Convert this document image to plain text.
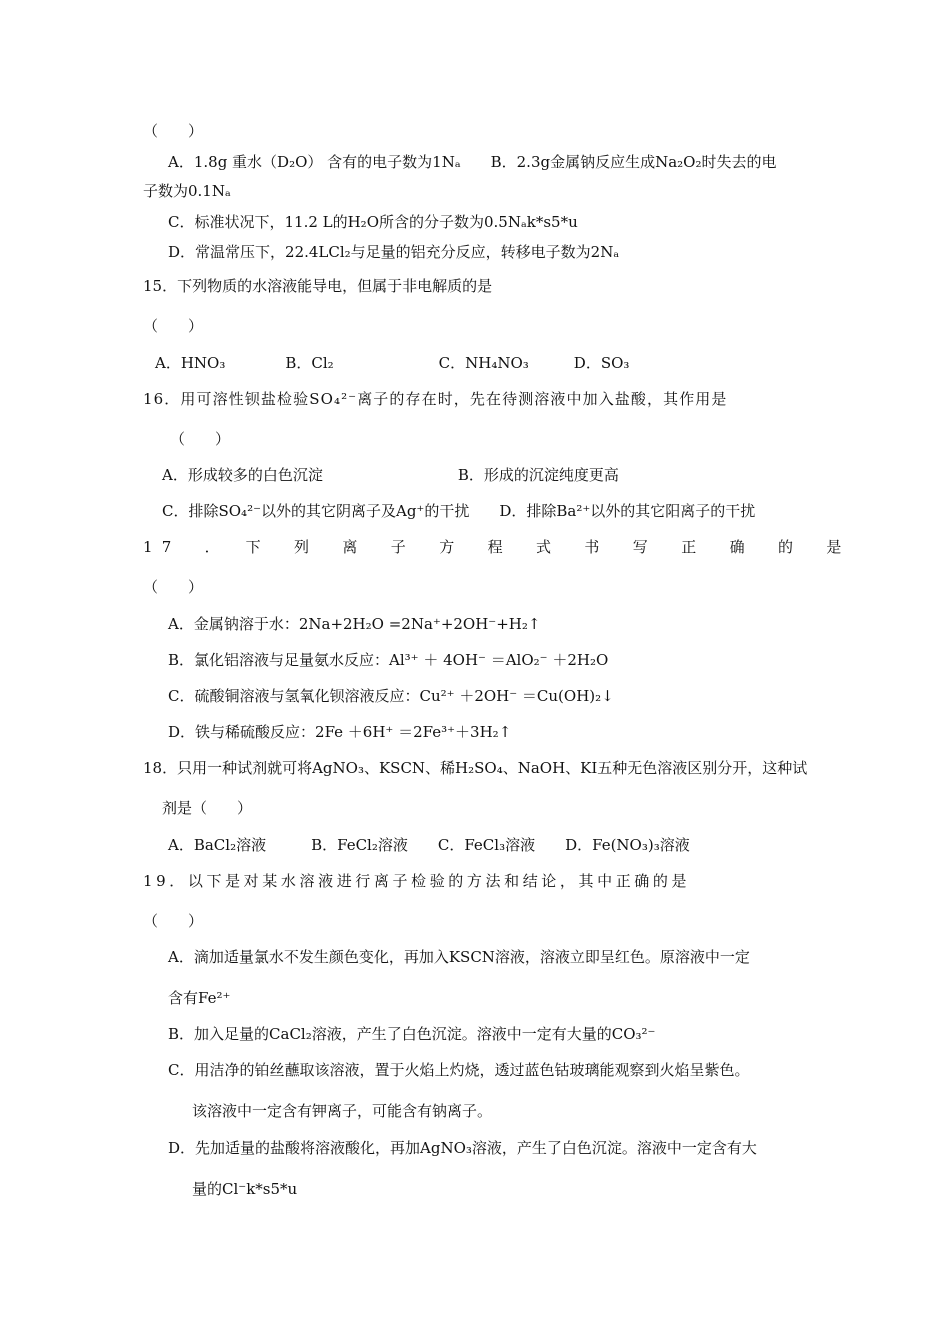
（　　）
A．1.8g 重水（D₂O） 含有的电子数为1Nₐ　　B．2.3g金属钠反应生成Na₂O₂时失去的电
子数为0.1Nₐ
C．标准状况下，11.2 L的H₂O所含的分子数为0.5Nₐk*s5*u
D．常温常压下，22.4LCl₂与足量的铝充分反应，转移电子数为2Nₐ
15．下列物质的水溶液能导电，但属于非电解质的是
（　　）
A．HNO₃　　　　B．Cl₂　　　　　　　C．NH₄NO₃　　　D．SO₃
16．用可溶性钡盐检验SO₄²⁻离子的存在时，先在待测溶液中加入盐酸，其作用是
（　　）
A．形成较多的白色沉淀　　　　　　　　　B．形成的沉淀纯度更高
C．排除SO₄²⁻以外的其它阴离子及Ag⁺的干扰　　D．排除Ba²⁺以外的其它阳离子的干扰
17　．　下　列　离　子　方　程　式　书　写　正　确　的　是
（　　）
A．金属钠溶于水：2Na+2H₂O =2Na⁺+2OH⁻+H₂↑
B．氯化铝溶液与足量氨水反应：Al³⁺ ＋ 4OH⁻ ＝AlO₂⁻ ＋2H₂O
C．硫酸铜溶液与氢氧化钡溶液反应：Cu²⁺ ＋2OH⁻ ＝Cu(OH)₂↓
D．铁与稀硫酸反应：2Fe ＋6H⁺ ＝2Fe³⁺＋3H₂↑
18．只用一种试剂就可将AgNO₃、KSCN、稀H₂SO₄、NaOH、KI五种无色溶液区别分开，这种试
剂是（　　）
A．BaCl₂溶液　　　B．FeCl₂溶液　　C．FeCl₃溶液　　D．Fe(NO₃)₃溶液
19．以下是对某水溶液进行离子检验的方法和结论，其中正确的是
（　　）
A．滴加适量氯水不发生颜色变化，再加入KSCN溶液，溶液立即呈红色。原溶液中一定
含有Fe²⁺
B．加入足量的CaCl₂溶液，产生了白色沉淀。溶液中一定有大量的CO₃²⁻
C．用洁净的铂丝蘸取该溶液，置于火焰上灼烧，透过蓝色钴玻璃能观察到火焰呈紫色。
该溶液中一定含有钾离子，可能含有钠离子。
D．先加适量的盐酸将溶液酸化，再加AgNO₃溶液，产生了白色沉淀。溶液中一定含有大
量的Cl⁻k*s5*u
